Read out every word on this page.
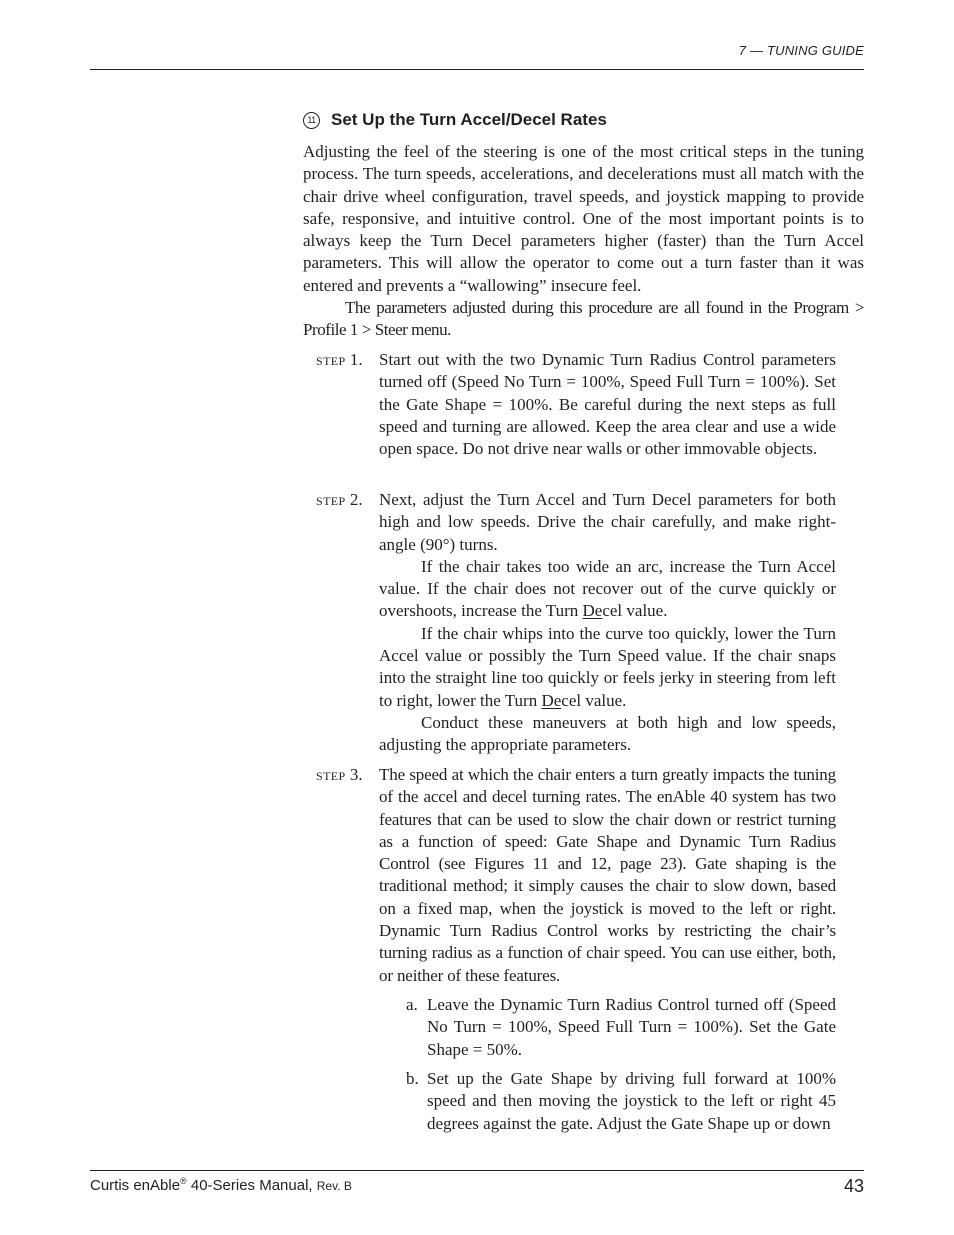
7 — TUNING GUIDE
11 Set Up the Turn Accel/Decel Rates

Adjusting the feel of the steering is one of the most critical steps in the tuning process. The turn speeds, accelerations, and decelerations must all match with the chair drive wheel configuration, travel speeds, and joystick mapping to provide safe, responsive, and intuitive control. One of the most important points is to always keep the Turn Decel parameters higher (faster) than the Turn Accel parameters. This will allow the operator to come out a turn faster than it was entered and prevents a “wallowing” insecure feel.

The parameters adjusted during this procedure are all found in the Program > Profile 1 > Steer menu.

STEP 1. Start out with the two Dynamic Turn Radius Control parameters turned off (Speed No Turn = 100%, Speed Full Turn = 100%). Set the Gate Shape = 100%. Be careful during the next steps as full speed and turning are allowed. Keep the area clear and use a wide open space. Do not drive near walls or other immovable objects.
STEP 2. Next, adjust the Turn Accel and Turn Decel parameters for both high and low speeds. Drive the chair carefully, and make right-angle (90°) turns.

If the chair takes too wide an arc, increase the Turn Accel value. If the chair does not recover out of the curve quickly or overshoots, increase the Turn Decel value.

If the chair whips into the curve too quickly, lower the Turn Accel value or possibly the Turn Speed value. If the chair snaps into the straight line too quickly or feels jerky in steering from left to right, lower the Turn Decel value.

Conduct these maneuvers at both high and low speeds, adjusting the appropriate parameters.

STEP 3. The speed at which the chair enters a turn greatly impacts the tuning of the accel and decel turning rates. The enAble 40 system has two features that can be used to slow the chair down or restrict turning as a function of speed: Gate Shape and Dynamic Turn Radius Control (see Figures 11 and 12, page 23). Gate shaping is the traditional method; it simply causes the chair to slow down, based on a fixed map, when the joystick is moved to the left or right. Dynamic Turn Radius Control works by restricting the chair’s turning radius as a function of chair speed. You can use either, both, or neither of these features.
a. Leave the Dynamic Turn Radius Control turned off (Speed No Turn = 100%, Speed Full Turn = 100%). Set the Gate Shape = 50%.
b. Set up the Gate Shape by driving full forward at 100% speed and then moving the joystick to the left or right 45 degrees against the gate. Adjust the Gate Shape up or down
Curtis enAble® 40-Series Manual, Rev. B	43
